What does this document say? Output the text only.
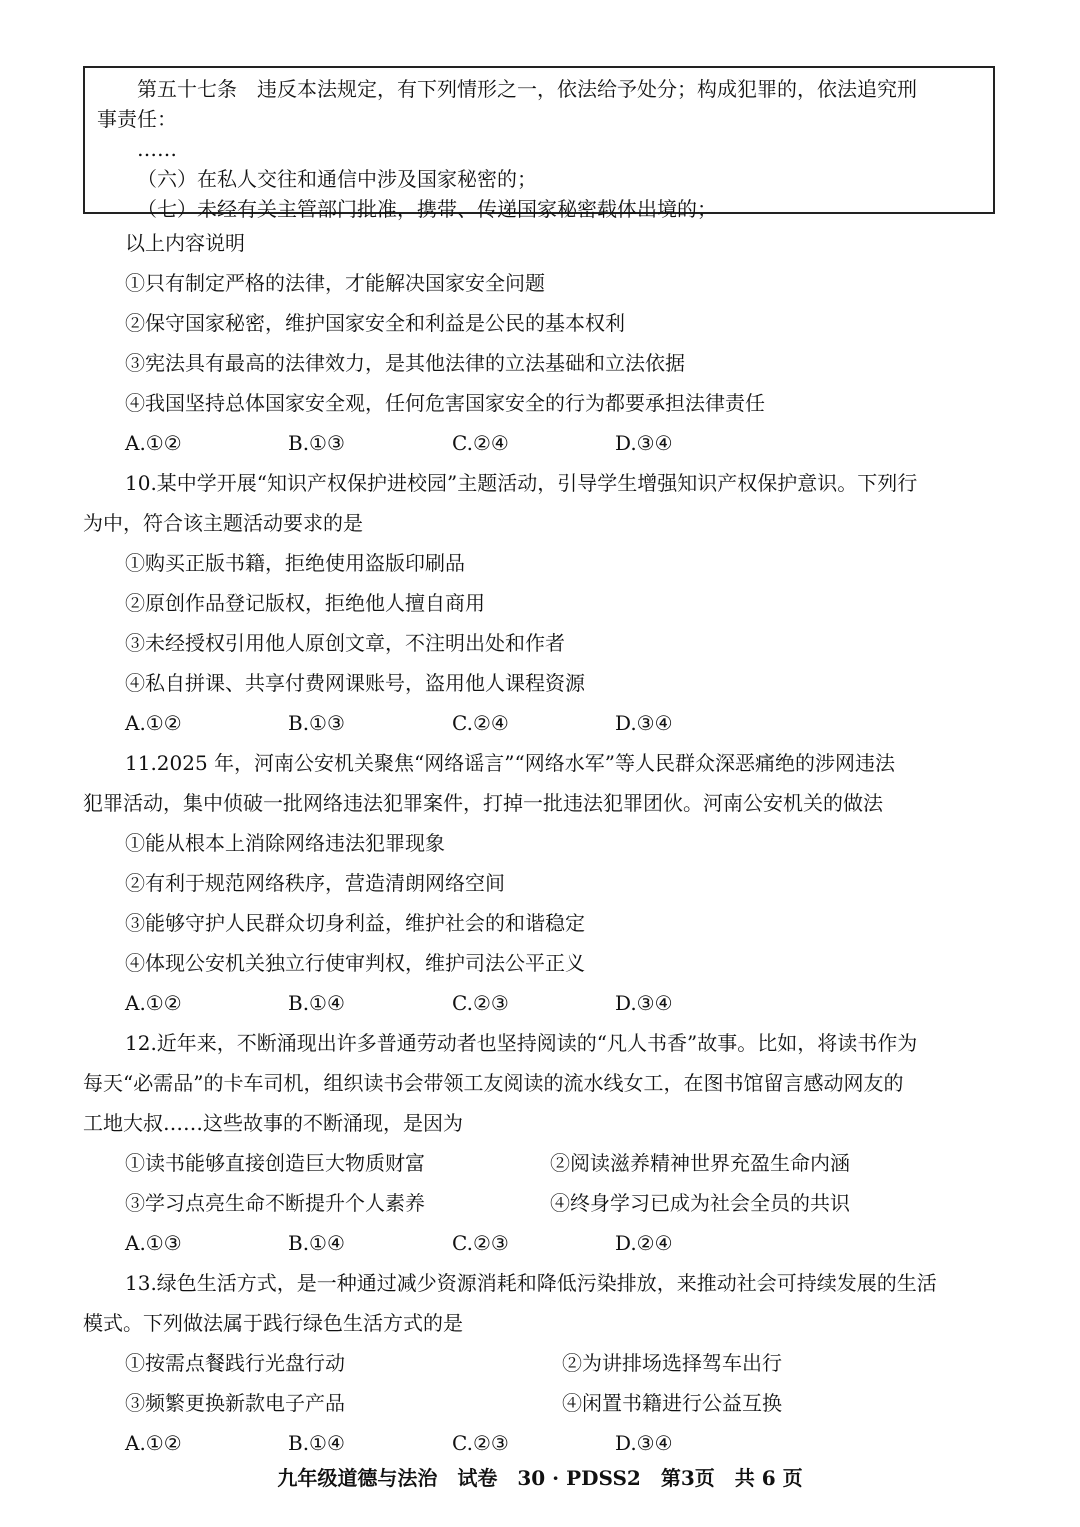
第五十七条　违反本法规定，有下列情形之一，依法给予处分；构成犯罪的，依法追究刑
事责任：
……
（六）在私人交往和通信中涉及国家秘密的；
（七）未经有关主管部门批准，携带、传递国家秘密载体出境的；
以上内容说明
①只有制定严格的法律，才能解决国家安全问题
②保守国家秘密，维护国家安全和利益是公民的基本权利
③宪法具有最高的法律效力，是其他法律的立法基础和立法依据
④我国坚持总体国家安全观，任何危害国家安全的行为都要承担法律责任
A.①②	B.①③	C.②④	D.③④
10.某中学开展“知识产权保护进校园”主题活动，引导学生增强知识产权保护意识。下列行
为中，符合该主题活动要求的是
①购买正版书籍，拒绝使用盗版印刷品
②原创作品登记版权，拒绝他人擅自商用
③未经授权引用他人原创文章，不注明出处和作者
④私自拼课、共享付费网课账号，盗用他人课程资源
A.①②	B.①③	C.②④	D.③④
11.2025 年，河南公安机关聚焦“网络谣言”“网络水军”等人民群众深恶痛绝的涉网违法
犯罪活动，集中侦破一批网络违法犯罪案件，打掉一批违法犯罪团伙。河南公安机关的做法
①能从根本上消除网络违法犯罪现象
②有利于规范网络秩序，营造清朗网络空间
③能够守护人民群众切身利益，维护社会的和谐稳定
④体现公安机关独立行使审判权，维护司法公平正义
A.①②	B.①④	C.②③	D.③④
12.近年来，不断涌现出许多普通劳动者也坚持阅读的“凡人书香”故事。比如，将读书作为
每天“必需品”的卡车司机，组织读书会带领工友阅读的流水线女工，在图书馆留言感动网友的
工地大叔……这些故事的不断涌现，是因为
①读书能够直接创造巨大物质财富	②阅读滋养精神世界充盈生命内涵
③学习点亮生命不断提升个人素养	④终身学习已成为社会全员的共识
A.①③	B.①④	C.②③	D.②④
13.绿色生活方式，是一种通过减少资源消耗和降低污染排放，来推动社会可持续发展的生活
模式。下列做法属于践行绿色生活方式的是
①按需点餐践行光盘行动	②为讲排场选择驾车出行
③频繁更换新款电子产品	④闲置书籍进行公益互换
A.①②	B.①④	C.②③	D.③④
九年级道德与法治　试卷　30 · PDSS2　第3页　共 6 页
